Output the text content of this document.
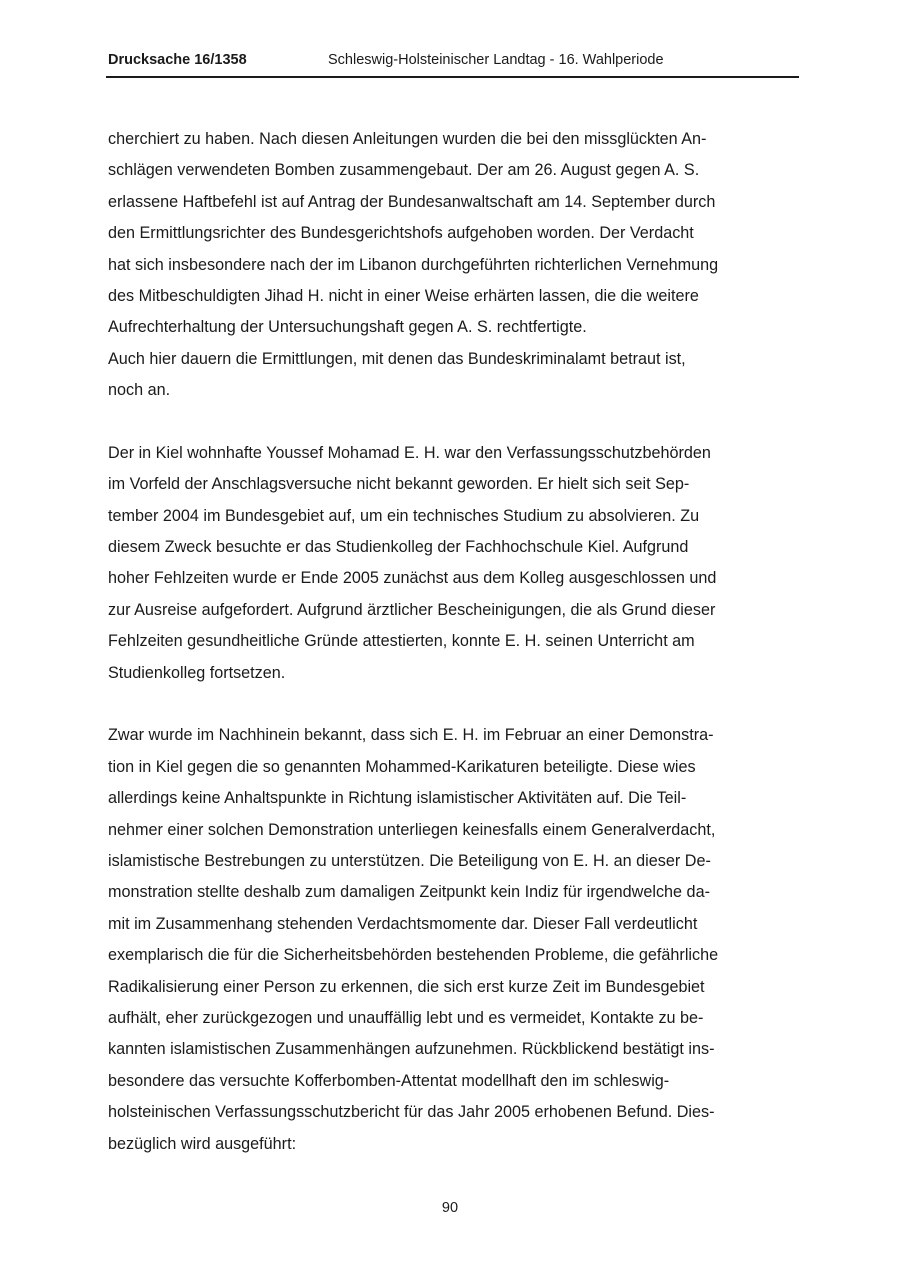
Drucksache 16/1358	Schleswig-Holsteinischer Landtag - 16. Wahlperiode
cherchiert zu haben. Nach diesen Anleitungen wurden die bei den missglückten An-
schlägen verwendeten Bomben zusammengebaut. Der am 26. August gegen A. S.
erlassene Haftbefehl ist auf Antrag der Bundesanwaltschaft am 14. September durch
den Ermittlungsrichter des Bundesgerichtshofs aufgehoben worden. Der Verdacht
hat sich insbesondere nach der im Libanon durchgeführten richterlichen Vernehmung
des Mitbeschuldigten Jihad H. nicht in einer Weise erhärten lassen, die die weitere
Aufrechterhaltung der Untersuchungshaft gegen A. S. rechtfertigte.
Auch hier dauern die Ermittlungen, mit denen das Bundeskriminalamt betraut ist,
noch an.
Der in Kiel wohnhafte Youssef Mohamad E. H. war den Verfassungsschutzbehörden
im Vorfeld der Anschlagsversuche nicht bekannt geworden. Er hielt sich seit Sep-
tember 2004 im Bundesgebiet auf, um ein technisches Studium zu absolvieren. Zu
diesem Zweck besuchte er das Studienkolleg der Fachhochschule Kiel. Aufgrund
hoher Fehlzeiten wurde er Ende 2005 zunächst aus dem Kolleg ausgeschlossen und
zur Ausreise aufgefordert. Aufgrund ärztlicher Bescheinigungen, die als Grund dieser
Fehlzeiten gesundheitliche Gründe attestierten, konnte E. H. seinen Unterricht am
Studienkolleg fortsetzen.
Zwar wurde im Nachhinein bekannt, dass sich E. H. im Februar an einer Demonstra-
tion in Kiel gegen die so genannten Mohammed-Karikaturen beteiligte. Diese wies
allerdings keine Anhaltspunkte in Richtung islamistischer Aktivitäten auf. Die Teil-
nehmer einer solchen Demonstration unterliegen keinesfalls einem Generalverdacht,
islamistische Bestrebungen zu unterstützen. Die Beteiligung von E. H. an dieser De-
monstration stellte deshalb zum damaligen Zeitpunkt kein Indiz für irgendwelche da-
mit im Zusammenhang stehenden Verdachtsmomente dar. Dieser Fall verdeutlicht
exemplarisch die für die Sicherheitsbehörden bestehenden Probleme, die gefährliche
Radikalisierung einer Person zu erkennen, die sich erst kurze Zeit im Bundesgebiet
aufhält, eher zurückgezogen und unauffällig lebt und es vermeidet, Kontakte zu be-
kannten islamistischen Zusammenhängen aufzunehmen. Rückblickend bestätigt ins-
besondere das versuchte Kofferbomben-Attentat modellhaft den im schleswig-
holsteinischen Verfassungsschutzbericht für das Jahr 2005 erhobenen Befund. Dies-
bezüglich wird ausgeführt:
90
